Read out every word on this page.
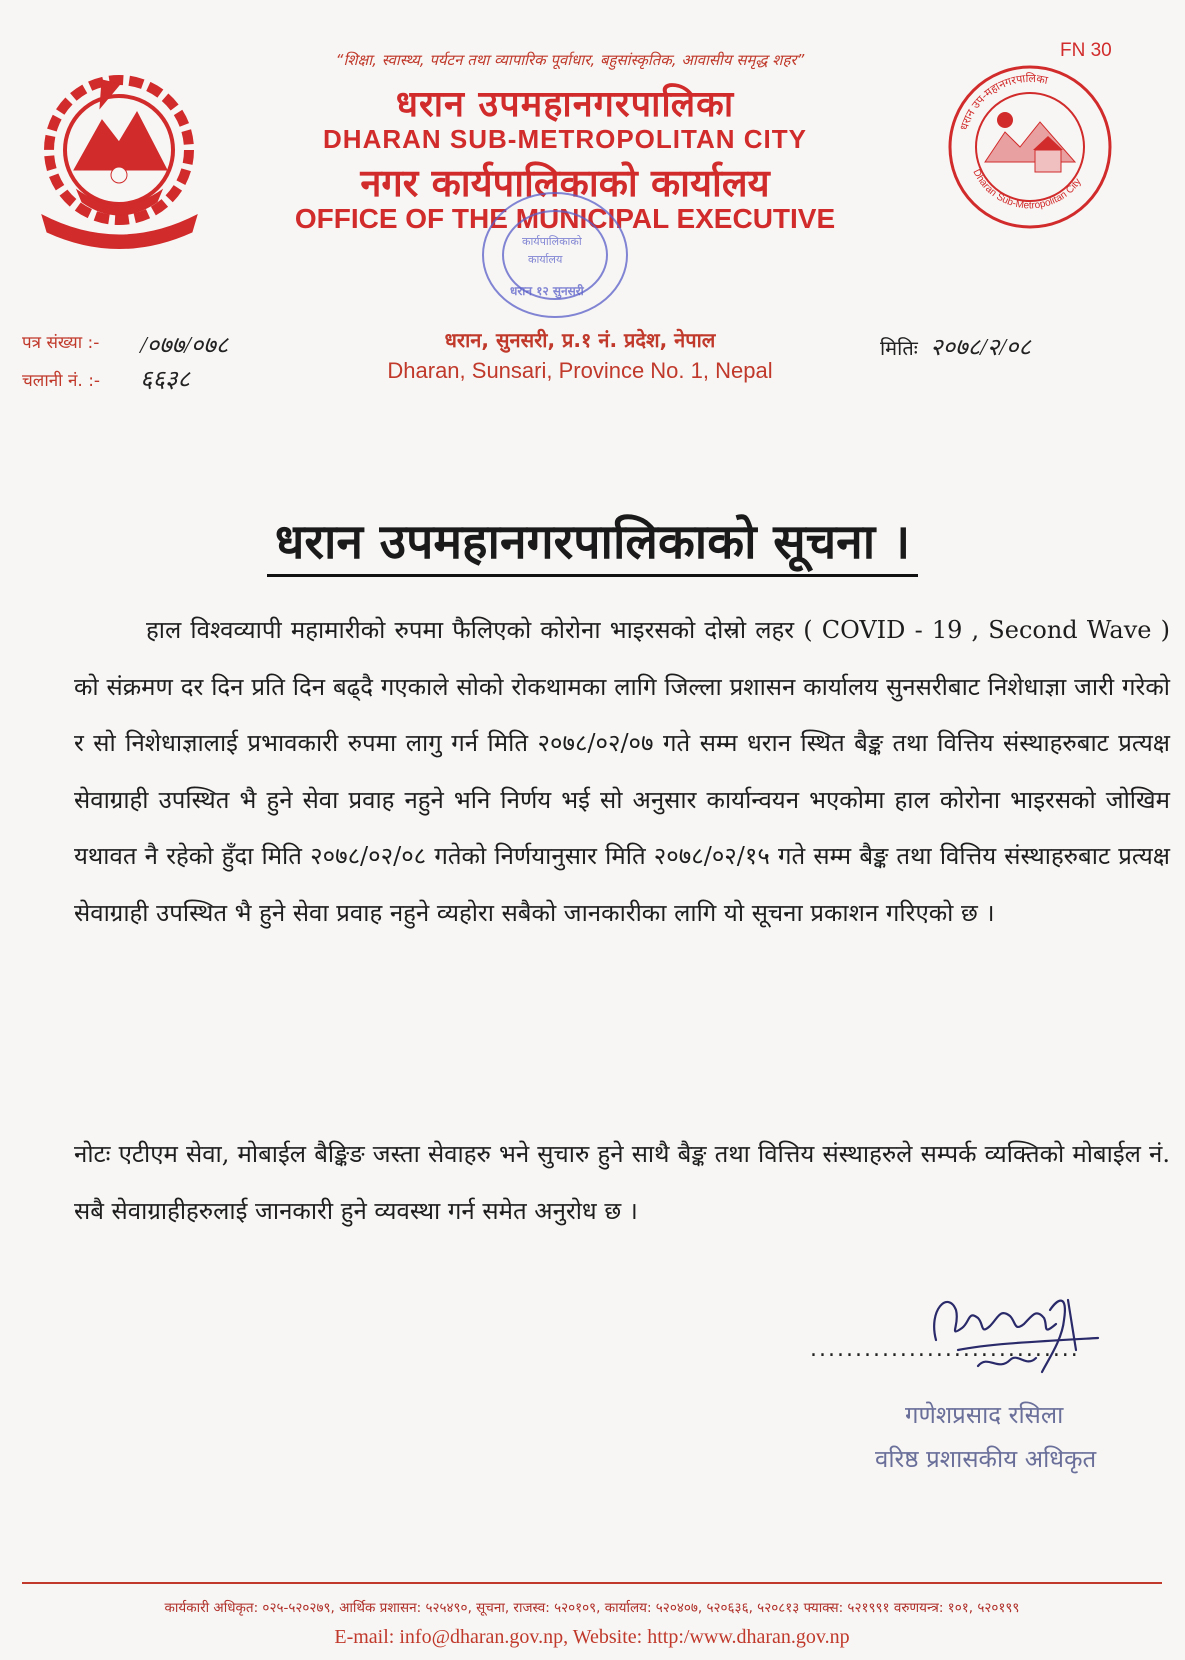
FN 30
“शिक्षा, स्वास्थ्य, पर्यटन तथा व्यापारिक पूर्वाधार, बहुसांस्कृतिक, आवासीय समृद्ध शहर”
धरान उपमहानगरपालिका
DHARAN SUB-METROPOLITAN CITY
नगर कार्यपालिकाको कार्यालय
OFFICE OF THE MUNICIPAL EXECUTIVE
धरान उप-महानगरपालिका
Dharan Sub-Metropolitan City
कार्यपालिकाको
कार्यालय
धरान १२ सुनसरी
पत्र संख्या :- /०७७/०७८
चलानी नं. :- ६६३८
धरान, सुनसरी, प्र.१ नं. प्रदेश, नेपाल
Dharan, Sunsari, Province No. 1, Nepal
मितिः २०७८/२/०८
धरान उपमहानगरपालिकाको सूचना ।
हाल विश्वव्यापी महामारीको रुपमा फैलिएको कोरोना भाइरसको दोस्रो लहर ( COVID - 19 , Second Wave ) को संक्रमण दर दिन प्रति दिन बढ्दै गएकाले सोको रोकथामका लागि जिल्ला प्रशासन कार्यालय सुनसरीबाट निशेधाज्ञा जारी गरेको र सो निशेधाज्ञालाई प्रभावकारी रुपमा लागु गर्न मिति २०७८/०२/०७ गते सम्म धरान स्थित बैङ्क तथा वित्तिय संस्थाहरुबाट प्रत्यक्ष सेवाग्राही उपस्थित भै हुने सेवा प्रवाह नहुने भनि निर्णय भई सो अनुसार कार्यान्वयन भएकोमा हाल कोरोना भाइरसको जोखिम यथावत नै रहेको हुँदा मिति २०७८/०२/०८ गतेको निर्णयानुसार मिति २०७८/०२/१५ गते सम्म बैङ्क तथा वित्तिय संस्थाहरुबाट प्रत्यक्ष सेवाग्राही उपस्थित भै हुने सेवा प्रवाह नहुने व्यहोरा सबैको जानकारीका लागि यो सूचना प्रकाशन गरिएको छ ।
नोटः एटीएम सेवा, मोबाईल बैङ्किङ जस्ता सेवाहरु भने सुचारु हुने साथै बैङ्क तथा वित्तिय संस्थाहरुले सम्पर्क व्यक्तिको मोबाईल नं. सबै सेवाग्राहीहरुलाई जानकारी हुने व्यवस्था गर्न समेत अनुरोध छ ।
..............................
गणेशप्रसाद रसिला
वरिष्ठ प्रशासकीय अधिकृत
कार्यकारी अधिकृत: ०२५-५२०२७९, आर्थिक प्रशासन: ५२५४९०, सूचना, राजस्व: ५२०१०९, कार्यालय: ५२०४०७, ५२०६३६, ५२०८१३ फ्याक्स: ५२१९९१ वरुणयन्त्र: १०१, ५२०१९९
E-mail: info@dharan.gov.np, Website: http:/www.dharan.gov.np
